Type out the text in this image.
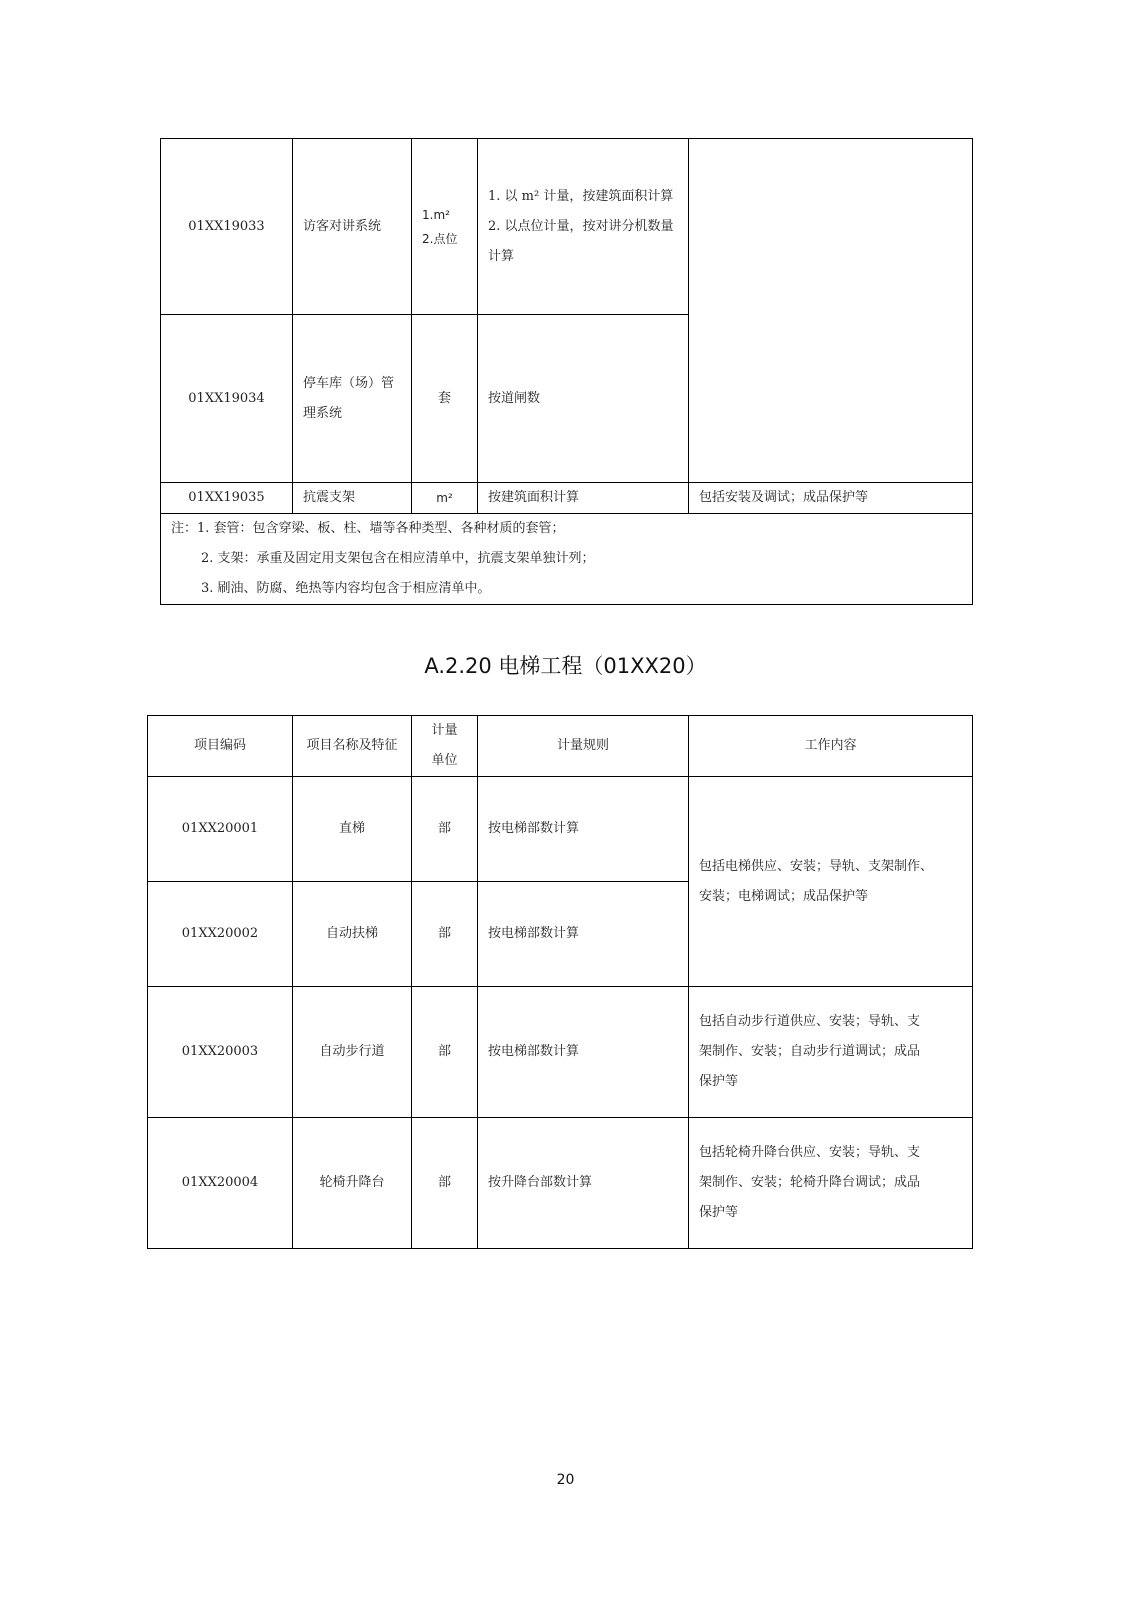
01XX19033	访客对讲系统	1.m²
2.点位	1. 以 m² 计量，按建筑面积计算
2. 以点位计量，按对讲分机数量
计算	

01XX19034	停车库（场）管
理系统	套	按道闸数	
01XX19035	抗震支架	m²	按建筑面积计算	包括安装及调试；成品保护等

注：1. 套管：包含穿梁、板、柱、墙等各种类型、各种材质的套管；
2. 支架：承重及固定用支架包含在相应清单中，抗震支架单独计列；
3. 刷油、防腐、绝热等内容均包含于相应清单中。				
A.2.20 电梯工程（01XX20）
项目编码	项目名称及特征	计量
单位	计量规则	工作内容
01XX20001	直梯	部	按电梯部数计算	包括电梯供应、安装；导轨、支架制作、
安装；电梯调试；成品保护等

01XX20002	自动扶梯	部	按电梯部数计算	
01XX20003	自动步行道	部	按电梯部数计算	包括自动步行道供应、安装；导轨、支
架制作、安装；自动步行道调试；成品
保护等

01XX20004	轮椅升降台	部	按升降台部数计算	包括轮椅升降台供应、安装；导轨、支
架制作、安装；轮椅升降台调试；成品
保护等
20
